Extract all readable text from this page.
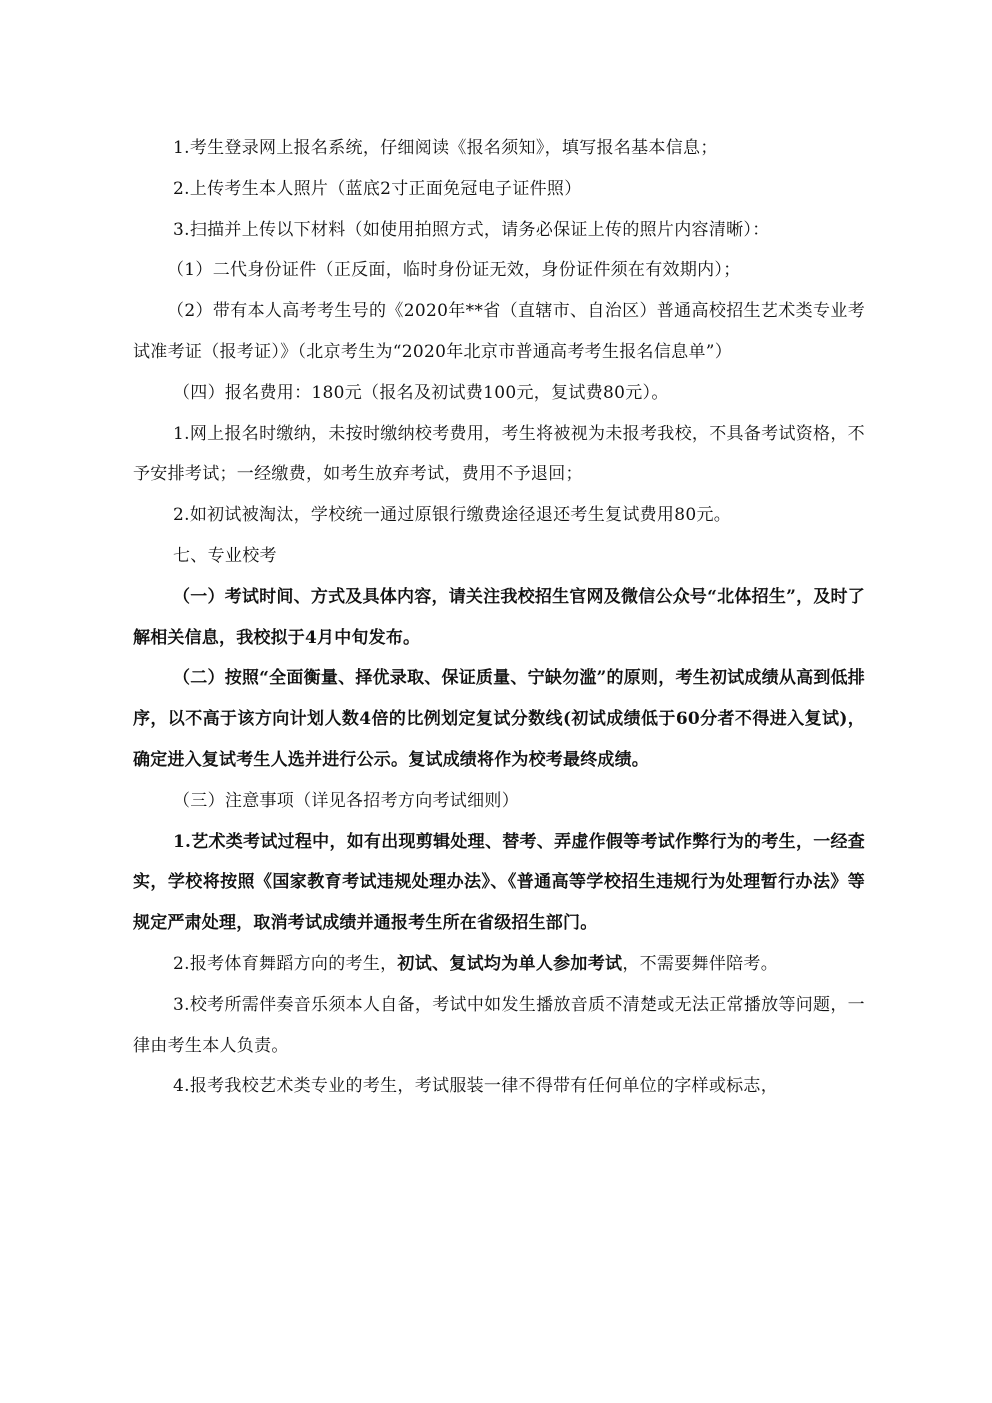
1.考生登录网上报名系统，仔细阅读《报名须知》，填写报名基本信息；

2.上传考生本人照片（蓝底2寸正面免冠电子证件照）

3.扫描并上传以下材料（如使用拍照方式，请务必保证上传的照片内容清晰）：

（1）二代身份证件（正反面，临时身份证无效，身份证件须在有效期内）；

（2）带有本人高考考生号的《2020年**省（直辖市、自治区）普通高校招生艺术类专业考试准考证（报考证）》（北京考生为“2020年北京市普通高考考生报名信息单”）

（四）报名费用：180元（报名及初试费100元，复试费80元）。

1.网上报名时缴纳，未按时缴纳校考费用，考生将被视为未报考我校，不具备考试资格，不予安排考试；一经缴费，如考生放弃考试，费用不予退回；

2.如初试被淘汰，学校统一通过原银行缴费途径退还考生复试费用80元。

七、专业校考

（一）考试时间、方式及具体内容，请关注我校招生官网及微信公众号“北体招生”，及时了解相关信息，我校拟于4月中旬发布。

（二）按照“全面衡量、择优录取、保证质量、宁缺勿滥”的原则，考生初试成绩从高到低排序，以不高于该方向计划人数4倍的比例划定复试分数线(初试成绩低于60分者不得进入复试)，确定进入复试考生人选并进行公示。复试成绩将作为校考最终成绩。

（三）注意事项（详见各招考方向考试细则）

1.艺术类考试过程中，如有出现剪辑处理、替考、弄虚作假等考试作弊行为的考生，一经查实，学校将按照《国家教育考试违规处理办法》、《普通高等学校招生违规行为处理暂行办法》等规定严肃处理，取消考试成绩并通报考生所在省级招生部门。

2.报考体育舞蹈方向的考生，初试、复试均为单人参加考试，不需要舞伴陪考。

3.校考所需伴奏音乐须本人自备，考试中如发生播放音质不清楚或无法正常播放等问题，一律由考生本人负责。

4.报考我校艺术类专业的考生，考试服装一律不得带有任何单位的字样或标志，
